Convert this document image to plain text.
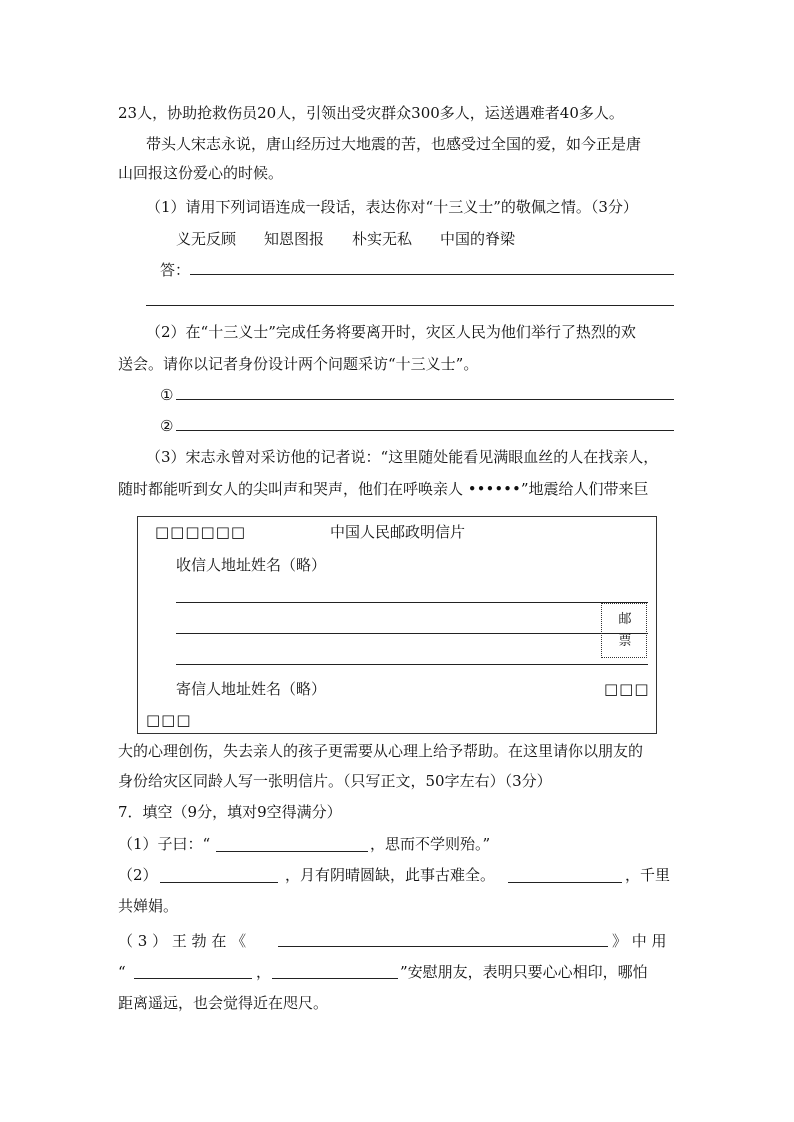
23人，协助抢救伤员20人，引领出受灾群众300多人，运送遇难者40多人。
带头人宋志永说，唐山经历过大地震的苦，也感受过全国的爱，如今正是唐
山回报这份爱心的时候。
（1）请用下列词语连成一段话，表达你对“十三义士”的敬佩之情。（3分）
义无反顾 知恩图报 朴实无私 中国的脊梁
答：
（2）在“十三义士”完成任务将要离开时，灾区人民为他们举行了热烈的欢
送会。请你以记者身份设计两个问题采访“十三义士”。
①
②
（3）宋志永曾对采访他的记者说：“这里随处能看见满眼血丝的人在找亲人，
随时都能听到女人的尖叫声和哭声，他们在呼唤亲人 ••••••”地震给人们带来巨
□□□□□□	中国人民邮政明信片
收信人地址姓名（略）
邮
票
寄信人地址姓名（略）	□□□
□□□
大的心理创伤，失去亲人的孩子更需要从心理上给予帮助。在这里请你以朋友的
身份给灾区同龄人写一张明信片。（只写正文，50字左右）（3分）
7．填空（9分，填对9空得满分）
（1）子曰：“	，思而不学则殆。”
（2）	，月有阴晴圆缺，此事古难全。	，千里
共婵娟。
（ 3 ） 王 勃 在 《	》 中 用
“	，	”安慰朋友，表明只要心心相印，哪怕
距离遥远，也会觉得近在咫尺。
